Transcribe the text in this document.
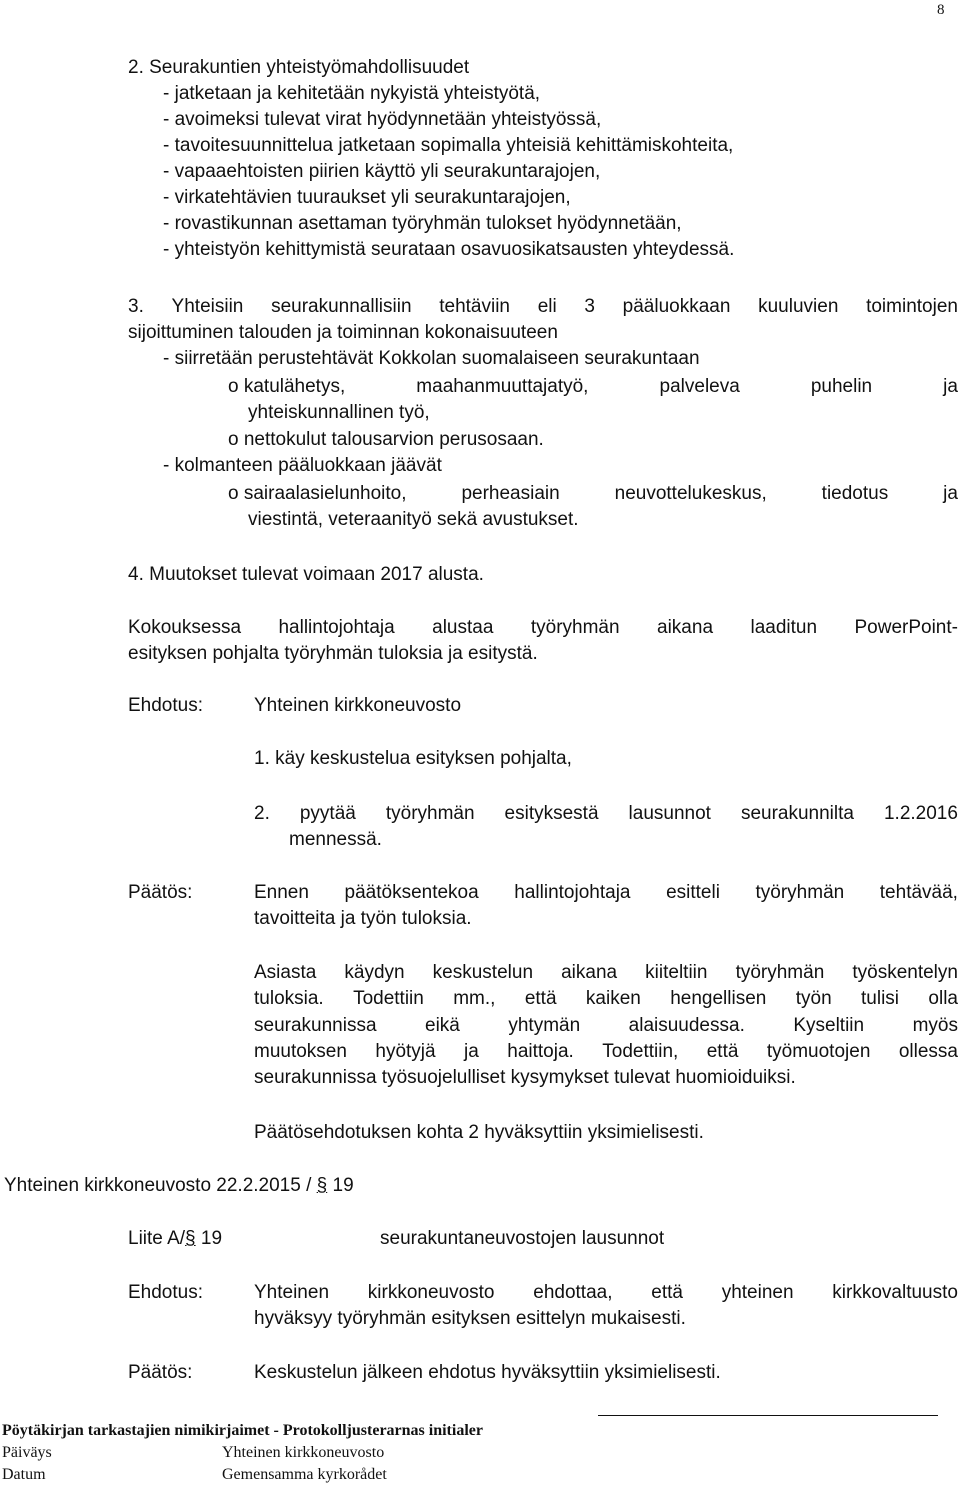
8
2. Seurakuntien yhteistyömahdollisuudet
- jatketaan ja kehitetään nykyistä yhteistyötä,
- avoimeksi tulevat virat hyödynnetään yhteistyössä,
- tavoitesuunnittelua jatketaan sopimalla yhteisiä kehittämiskohteita,
- vapaaehtoisten piirien käyttö yli seurakuntarajojen,
- virkatehtävien tuuraukset yli seurakuntarajojen,
- rovastikunnan asettaman työryhmän tulokset hyödynnetään,
- yhteistyön kehittymistä seurataan osavuosikatsausten yhteydessä.
3. Yhteisiin seurakunnallisiin tehtäviin eli 3 pääluokkaan kuuluvien toimintojen
sijoittuminen talouden ja toiminnan kokonaisuuteen
- siirretään perustehtävät Kokkolan suomalaiseen seurakuntaan
o katulähetys,	maahanmuuttajatyö,	palveleva	puhelin	ja
yhteiskunnallinen työ,
o nettokulut talousarvion perusosaan.
- kolmanteen pääluokkaan jäävät
o sairaalasielunhoito,	perheasiain	neuvottelukeskus,	tiedotus	ja
viestintä, veteraanityö sekä avustukset.
4. Muutokset tulevat voimaan 2017 alusta.
Kokouksessa hallintojohtaja alustaa työryhmän aikana laaditun PowerPoint-
esityksen pohjalta työryhmän tuloksia ja esitystä.
Ehdotus:	Yhteinen kirkkoneuvosto
1. käy keskustelua esityksen pohjalta,
2. pyytää työryhmän esityksestä lausunnot seurakunnilta 1.2.2016
mennessä.
Päätös:	Ennen päätöksentekoa hallintojohtaja esitteli työryhmän tehtävää,
tavoitteita ja työn tuloksia.
Asiasta käydyn keskustelun aikana kiiteltiin työryhmän työskentelyn
tuloksia. Todettiin mm., että kaiken hengellisen työn tulisi olla
seurakunnissa	eikä	yhtymän	alaisuudessa.	Kyseltiin	myös
muutoksen hyötyjä ja haittoja. Todettiin, että työmuotojen ollessa
seurakunnissa työsuojelulliset kysymykset tulevat huomioiduiksi.
Päätösehdotuksen kohta 2 hyväksyttiin yksimielisesti.
Yhteinen kirkkoneuvosto 22.2.2015 / § 19
Liite A/§ 19	seurakuntaneuvostojen lausunnot
Ehdotus:	Yhteinen kirkkoneuvosto ehdottaa, että yhteinen kirkkovaltuusto
hyväksyy työryhmän esityksen esittelyn mukaisesti.
Päätös:	Keskustelun jälkeen ehdotus hyväksyttiin yksimielisesti.
Pöytäkirjan tarkastajien nimikirjaimet - Protokolljusterarnas initialer
Päiväys	Yhteinen kirkkoneuvosto
Datum	Gemensamma kyrkorådet
